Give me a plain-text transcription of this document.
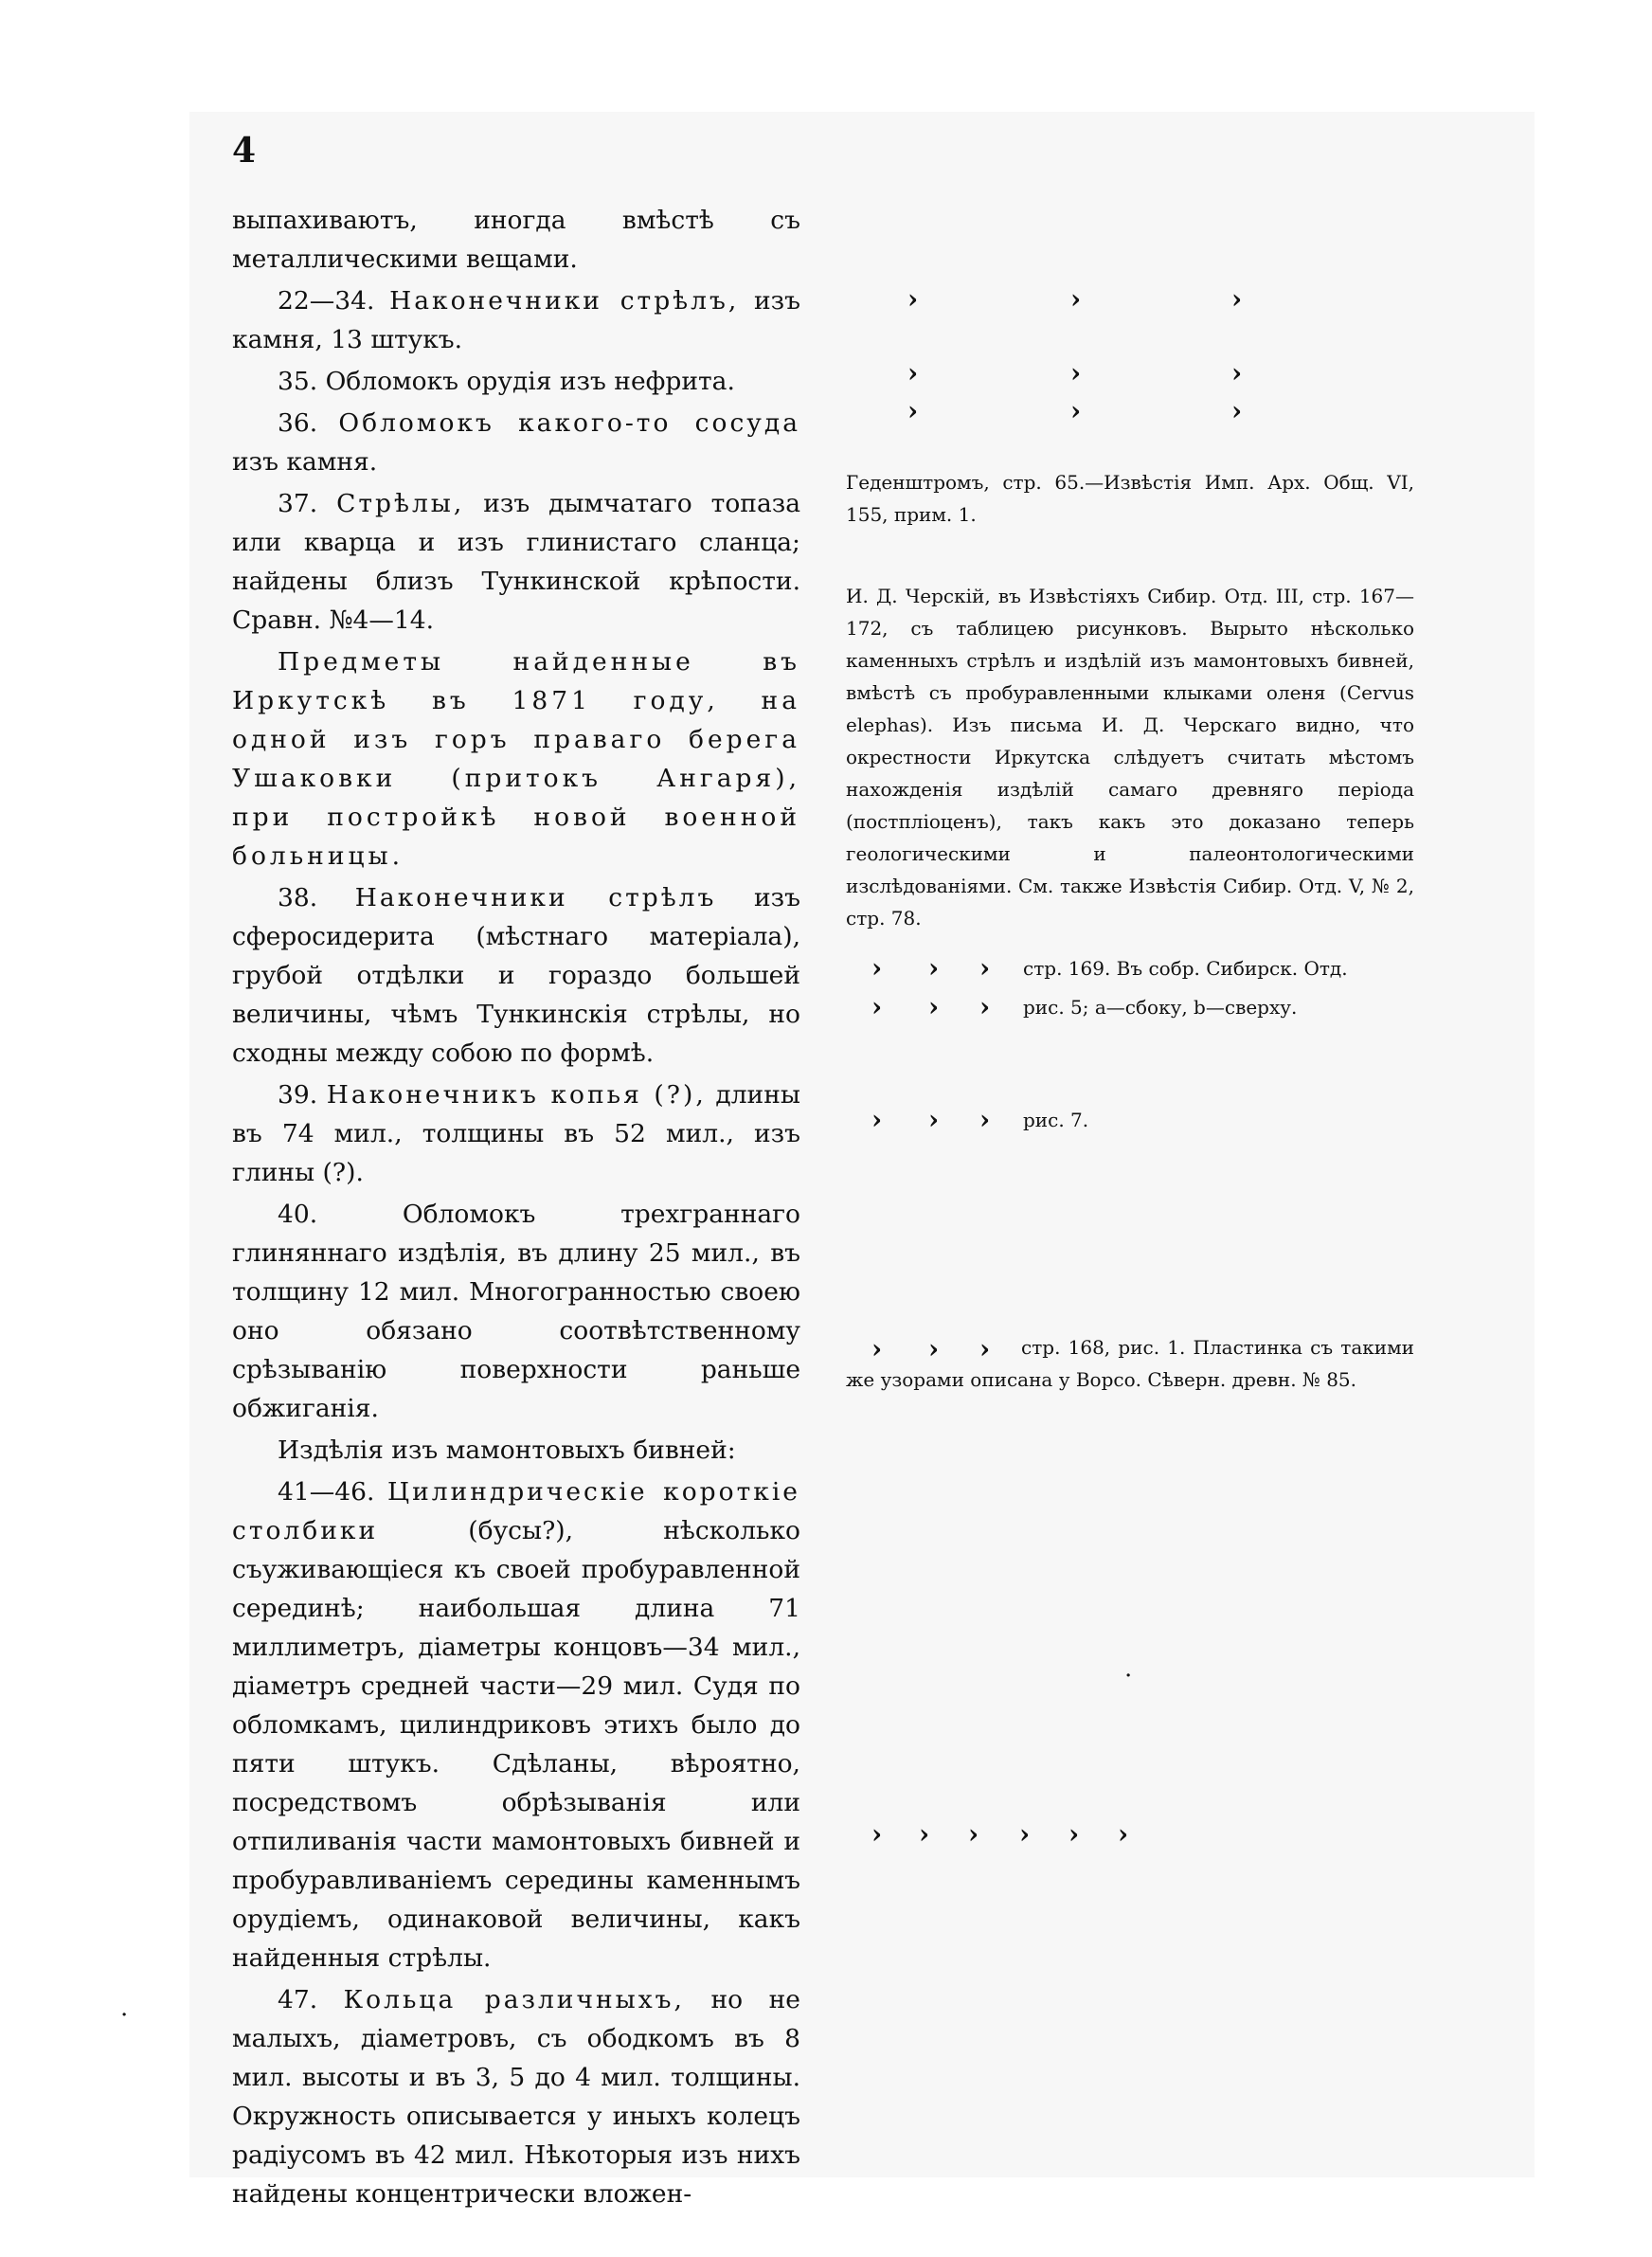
4

выпахиваютъ, иногда вмѣстѣ съ металлическими вещами.

22—34. Наконечники стрѣлъ, изъ камня, 13 штукъ.

35. Обломокъ орудія изъ нефрита.

36. Обломокъ какого-то сосуда изъ камня.

37. Стрѣлы, изъ дымчатаго топаза или кварца и изъ глинистаго сланца; найдены близъ Тункинской крѣпости. Сравн. №4—14.

Предметы найденные въ Иркутскѣ въ 1871 году, на одной изъ горъ праваго берега Ушаковки (притокъ Ангаря), при постройкѣ новой военной больницы.

38. Наконечники стрѣлъ изъ сферосидерита (мѣстнаго матеріала), грубой отдѣлки и гораздо большей величины, чѣмъ Тункинскія стрѣлы, но сходны между собою по формѣ.

39. Наконечникъ копья (?), длины въ 74 мил., толщины въ 52 мил., изъ глины (?).

40. Обломокъ трехграннаго глиняннаго издѣлія, въ длину 25 мил., въ толщину 12 мил. Многогранностью своею оно обязано соотвѣтственному срѣзыванію поверхности раньше обжиганія.

Издѣлія изъ мамонтовыхъ бивней:

41—46. Цилиндрическіе короткіе столбики	(бусы?), нѣсколько съуживающіеся къ своей пробуравленной серединѣ; наибольшая длина 71 миллиметръ, діаметры концовъ—34 мил., діаметръ средней части—29 мил. Судя по обломкамъ, цилиндриковъ этихъ было до пяти штукъ. Сдѣланы, вѣроятно, посредствомъ обрѣзыванія или отпиливанія части мамонтовыхъ бивней и пробуравливаніемъ середины каменнымъ орудіемъ, одинаковой величины, какъ найденныя стрѣлы.

47. Кольца различныхъ, но не малыхъ, діаметровъ, съ ободкомъ въ 8 мил. высоты и въ 3, 5 до 4 мил. толщины. Окружность описывается у иныхъ колецъ радіусомъ въ 42 мил. Нѣкоторыя изъ нихъ найдены концентрически вложен-

›	›	›
›	›	›
›	›	›

Геденштромъ, стр. 65.—Извѣстія Имп. Арх. Общ. VI, 155, прим. 1.

И. Д. Черскій, въ Извѣстіяхъ Сибир. Отд. III, стр. 167—172, съ таблицею рисунковъ. Вырыто нѣсколько каменныхъ стрѣлъ и издѣлій изъ мамонтовыхъ бивней, вмѣстѣ съ пробуравленными клыками оленя (Cervus elephas). Изъ письма И. Д. Черскаго видно, что окрестности Иркутска слѣдуетъ считать мѣстомъ нахожденія издѣлій самаго древняго періода (постпліоценъ), такъ какъ это доказано теперь геологическими и палеонтологическими изслѣдованіями. См. также Извѣстія Сибир. Отд. V, № 2, стр. 78.

› › › стр. 169. Въ собр. Сибирск. Отд.

› › › рис. 5; a—сбоку, b—сверху.

› › › рис. 7.

› › ›	стр. 168, рис. 1. Пластинка съ такими же узорами описана у Ворсо. Сѣверн. древн. № 85.

·
› › › › › ›
·
